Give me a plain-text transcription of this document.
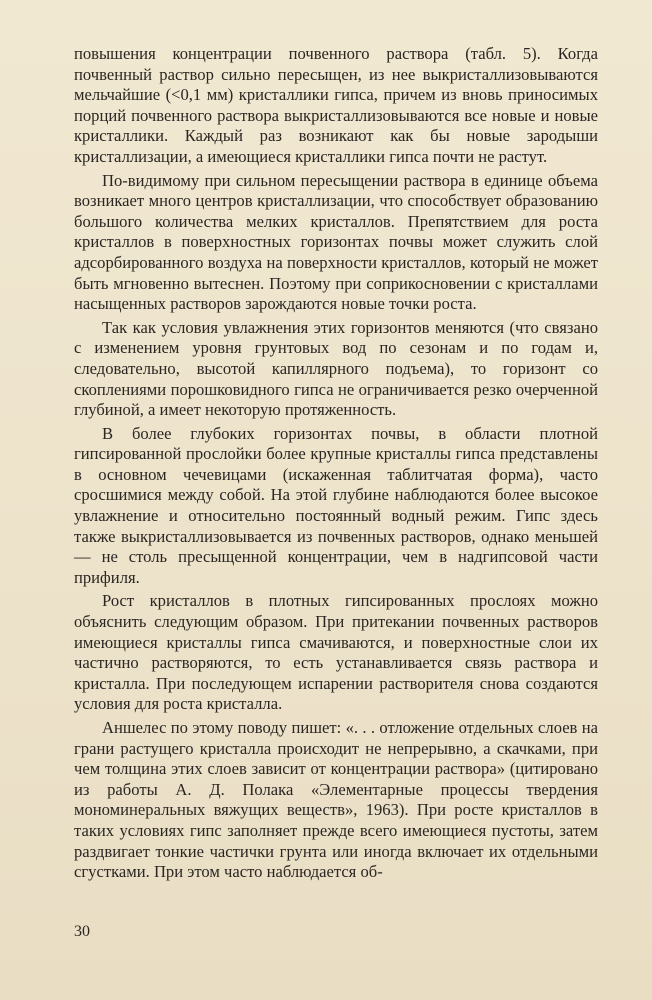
повышения концентрации почвенного раствора (табл. 5). Когда почвенный раствор сильно пересыщен, из нее выкристаллизовываются мельчайшие (<0,1 мм) кристаллики гипса, причем из вновь приносимых порций почвенного раствора выкристаллизовываются все новые и новые кристаллики. Каждый раз возникают как бы новые зародыши кристаллизации, а имеющиеся кристаллики гипса почти не растут.

По-видимому при сильном пересыщении раствора в единице объема возникает много центров кристаллизации, что способствует образованию большого количества мелких кристаллов. Препятствием для роста кристаллов в поверхностных горизонтах почвы может служить слой адсорбированного воздуха на поверхности кристаллов, который не может быть мгновенно вытеснен. Поэтому при соприкосновении с кристаллами насыщенных растворов зарождаются новые точки роста.

Так как условия увлажнения этих горизонтов меняются (что связано с изменением уровня грунтовых вод по сезонам и по годам и, следовательно, высотой капиллярного подъема), то горизонт со скоплениями порошковидного гипса не ограничивается резко очерченной глубиной, а имеет некоторую протяженность.

В более глубоких горизонтах почвы, в области плотной гипсированной прослойки более крупные кристаллы гипса представлены в основном чечевицами (искаженная таблитчатая форма), часто сросшимися между собой. На этой глубине наблюдаются более высокое увлажнение и относительно постоянный водный режим. Гипс здесь также выкристаллизовывается из почвенных растворов, однако меньшей — не столь пресыщенной концентрации, чем в надгипсовой части прифиля.

Рост кристаллов в плотных гипсированных прослоях можно объяснить следующим образом. При притекании почвенных растворов имеющиеся кристаллы гипса смачиваются, и поверхностные слои их частично растворяются, то есть устанавливается связь раствора и кристалла. При последующем испарении растворителя снова создаются условия для роста кристалла.

Аншелес по этому поводу пишет: «. . . отложение отдельных слоев на грани растущего кристалла происходит не непрерывно, а скачками, при чем толщина этих слоев зависит от концентрации раствора» (цитировано из работы А. Д. Полака «Элементарные процессы твердения мономинеральных вяжущих веществ», 1963). При росте кристаллов в таких условиях гипс заполняет прежде всего имеющиеся пустоты, затем раздвигает тонкие частички грунта или иногда включает их отдельными сгустками. При этом часто наблюдается об-

30
